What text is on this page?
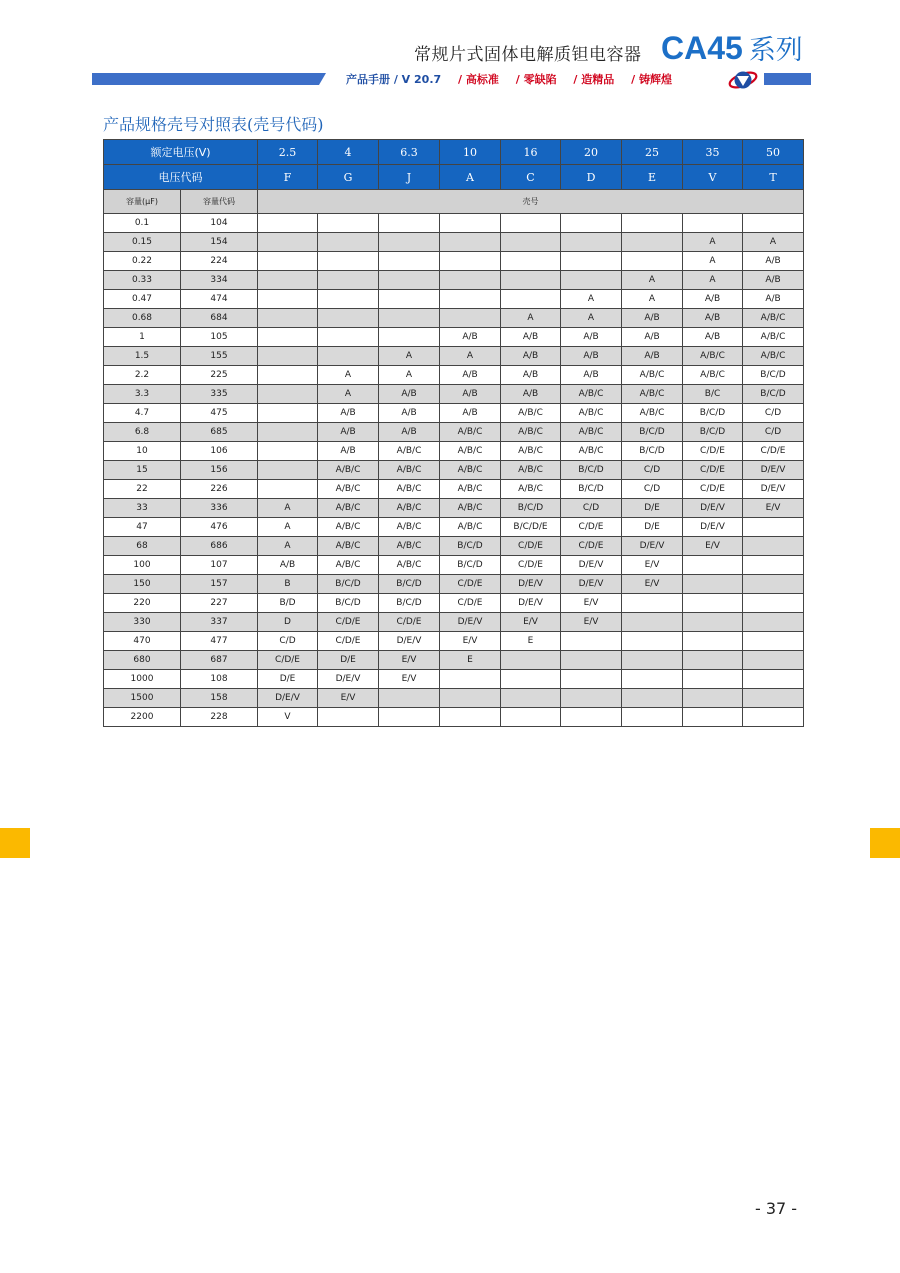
常规片式固体电解质钽电容器 CA45 系列
产品手册 / V 20.7 / 高标准 / 零缺陷 / 造精品 / 铸辉煌
产品规格壳号对照表(壳号代码)
额定电压(V)		2.5	4	6.3	10	16	20	25	35	50
电压代码		F	G	J	A	C	D	E	V	T
容量(μF)	容量代码	壳号								
0.1	104									
0.15	154								A	A
0.22	224								A	A/B
0.33	334							A	A	A/B
0.47	474						A	A	A/B	A/B
0.68	684					A	A	A/B	A/B	A/B/C
1	105				A/B	A/B	A/B	A/B	A/B	A/B/C
1.5	155			A	A	A/B	A/B	A/B	A/B/C	A/B/C
2.2	225		A	A	A/B	A/B	A/B	A/B/C	A/B/C	B/C/D
3.3	335		A	A/B	A/B	A/B	A/B/C	A/B/C	B/C	B/C/D
4.7	475		A/B	A/B	A/B	A/B/C	A/B/C	A/B/C	B/C/D	C/D
6.8	685		A/B	A/B	A/B/C	A/B/C	A/B/C	B/C/D	B/C/D	C/D
10	106		A/B	A/B/C	A/B/C	A/B/C	A/B/C	B/C/D	C/D/E	C/D/E
15	156		A/B/C	A/B/C	A/B/C	A/B/C	B/C/D	C/D	C/D/E	D/E/V
22	226		A/B/C	A/B/C	A/B/C	A/B/C	B/C/D	C/D	C/D/E	D/E/V
33	336	A	A/B/C	A/B/C	A/B/C	B/C/D	C/D	D/E	D/E/V	E/V
47	476	A	A/B/C	A/B/C	A/B/C	B/C/D/E	C/D/E	D/E	D/E/V	
68	686	A	A/B/C	A/B/C	B/C/D	C/D/E	C/D/E	D/E/V	E/V	
100	107	A/B	A/B/C	A/B/C	B/C/D	C/D/E	D/E/V	E/V		
150	157	B	B/C/D	B/C/D	C/D/E	D/E/V	D/E/V	E/V		
220	227	B/D	B/C/D	B/C/D	C/D/E	D/E/V	E/V			
330	337	D	C/D/E	C/D/E	D/E/V	E/V	E/V			
470	477	C/D	C/D/E	D/E/V	E/V	E				
680	687	C/D/E	D/E	E/V	E					
1000	108	D/E	D/E/V	E/V						
1500	158	D/E/V	E/V							
2200	228	V								
- 37 -
